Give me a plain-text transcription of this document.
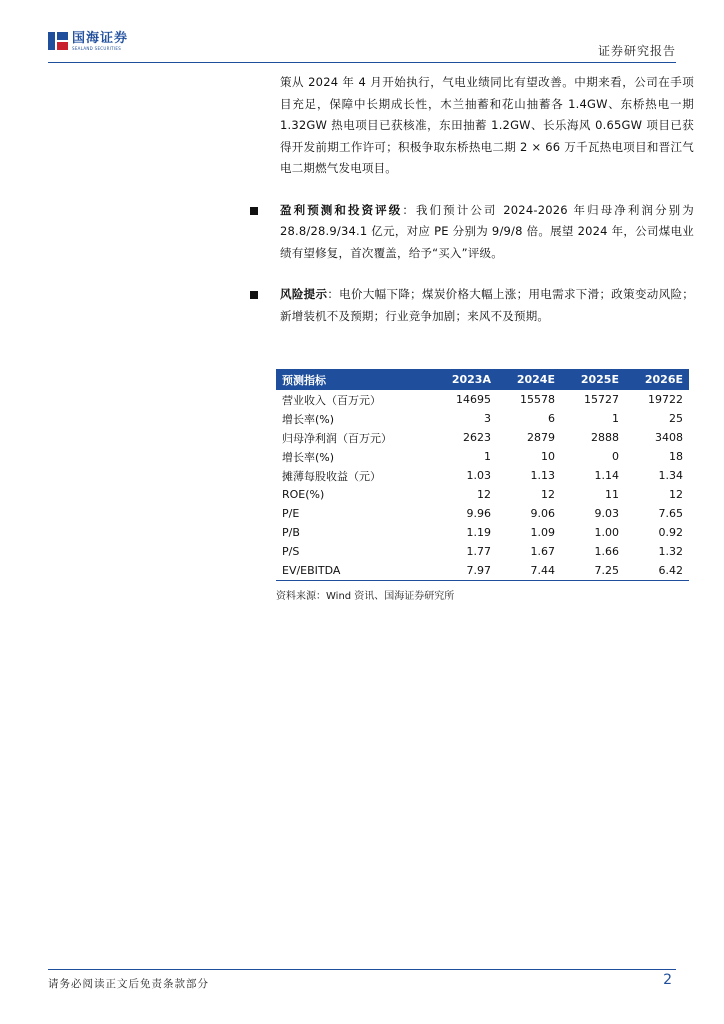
国海证券
SEALAND SECURITIES	证券研究报告

策从 2024 年 4 月开始执行，气电业绩同比有望改善。中期来看，公司在手项目充足，保障中长期成长性，木兰抽蓄和花山抽蓄各 1.4GW、东桥热电一期 1.32GW 热电项目已获核准，东田抽蓄 1.2GW、长乐海风 0.65GW 项目已获得开发前期工作许可；积极争取东桥热电二期 2 × 66 万千瓦热电项目和晋江气电二期燃气发电项目。

盈利预测和投资评级：我们预计公司 2024-2026 年归母净利润分别为 28.8/28.9/34.1 亿元，对应 PE 分别为 9/9/8 倍。展望 2024 年，公司煤电业绩有望修复，首次覆盖，给予“买入”评级。

风险提示：电价大幅下降；煤炭价格大幅上涨；用电需求下滑；政策变动风险；新增装机不及预期；行业竞争加剧；来风不及预期。

预测指标	2023A	2024E	2025E	2026E
营业收入（百万元）	14695	15578	15727	19722
增长率(%)	3	6	1	25
归母净利润（百万元）	2623	2879	2888	3408
增长率(%)	1	10	0	18
摊薄每股收益（元）	1.03	1.13	1.14	1.34
ROE(%)	12	12	11	12
P/E	9.96	9.06	9.03	7.65
P/B	1.19	1.09	1.00	0.92
P/S	1.77	1.67	1.66	1.32
EV/EBITDA	7.97	7.44	7.25	6.42
资料来源：Wind 资讯、国海证券研究所
请务必阅读正文后免责条款部分	2
